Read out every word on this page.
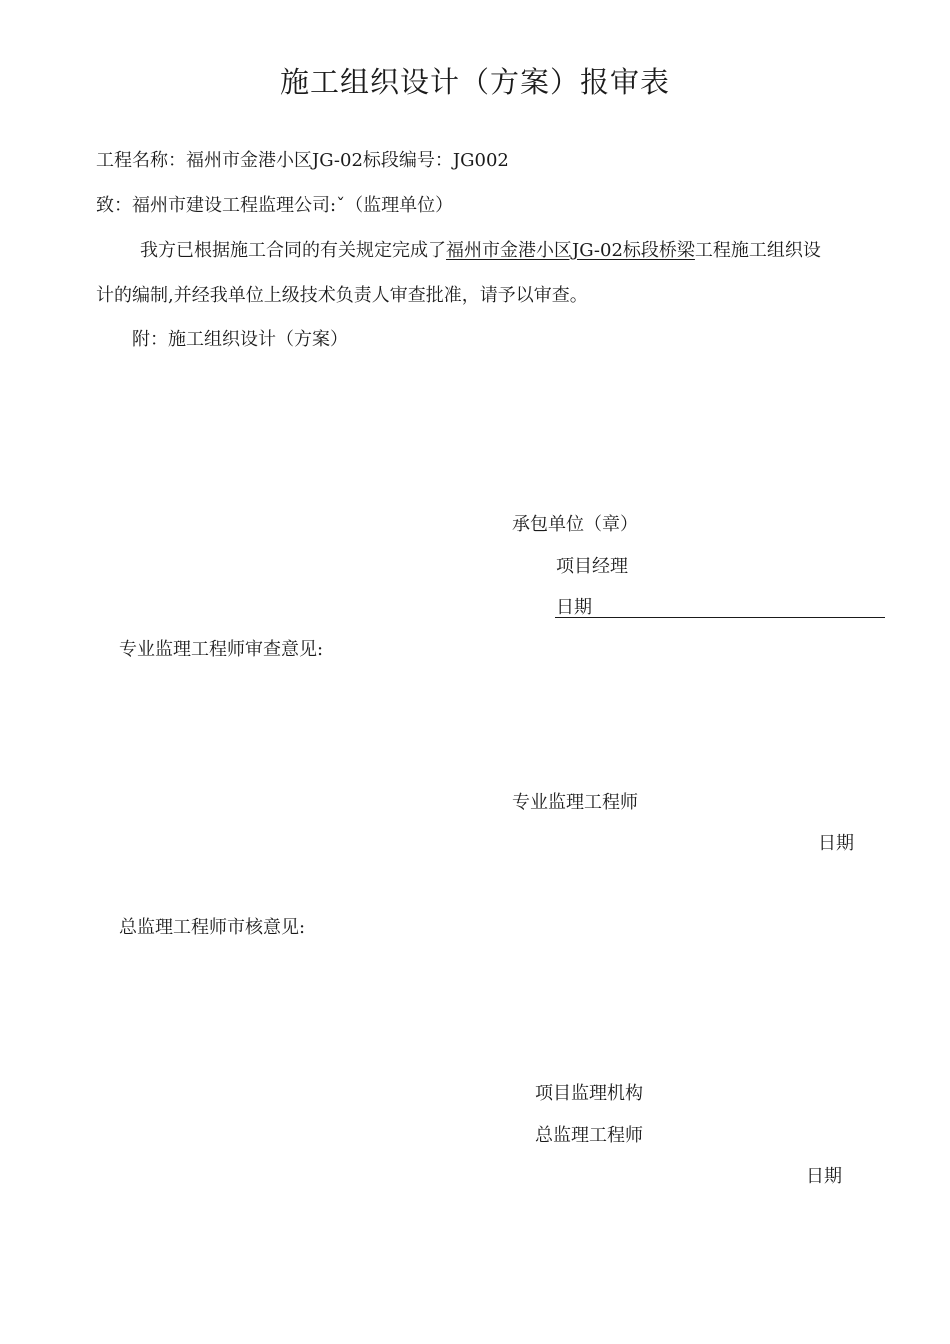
施工组织设计（方案）报审表
工程名称：福州市金港小区JG-02标段编号：JG002
致：福州市建设工程监理公司:ˇ（监理单位）
我方已根据施工合同的有关规定完成了福州市金港小区JG-02标段桥梁工程施工组织设
计的编制,并经我单位上级技术负责人审查批准，请予以审查。
附：施工组织设计（方案）
承包单位（章）
项目经理
日期
专业监理工程师审查意见:
专业监理工程师
日期
总监理工程师市核意见:
项目监理机构
总监理工程师
日期
